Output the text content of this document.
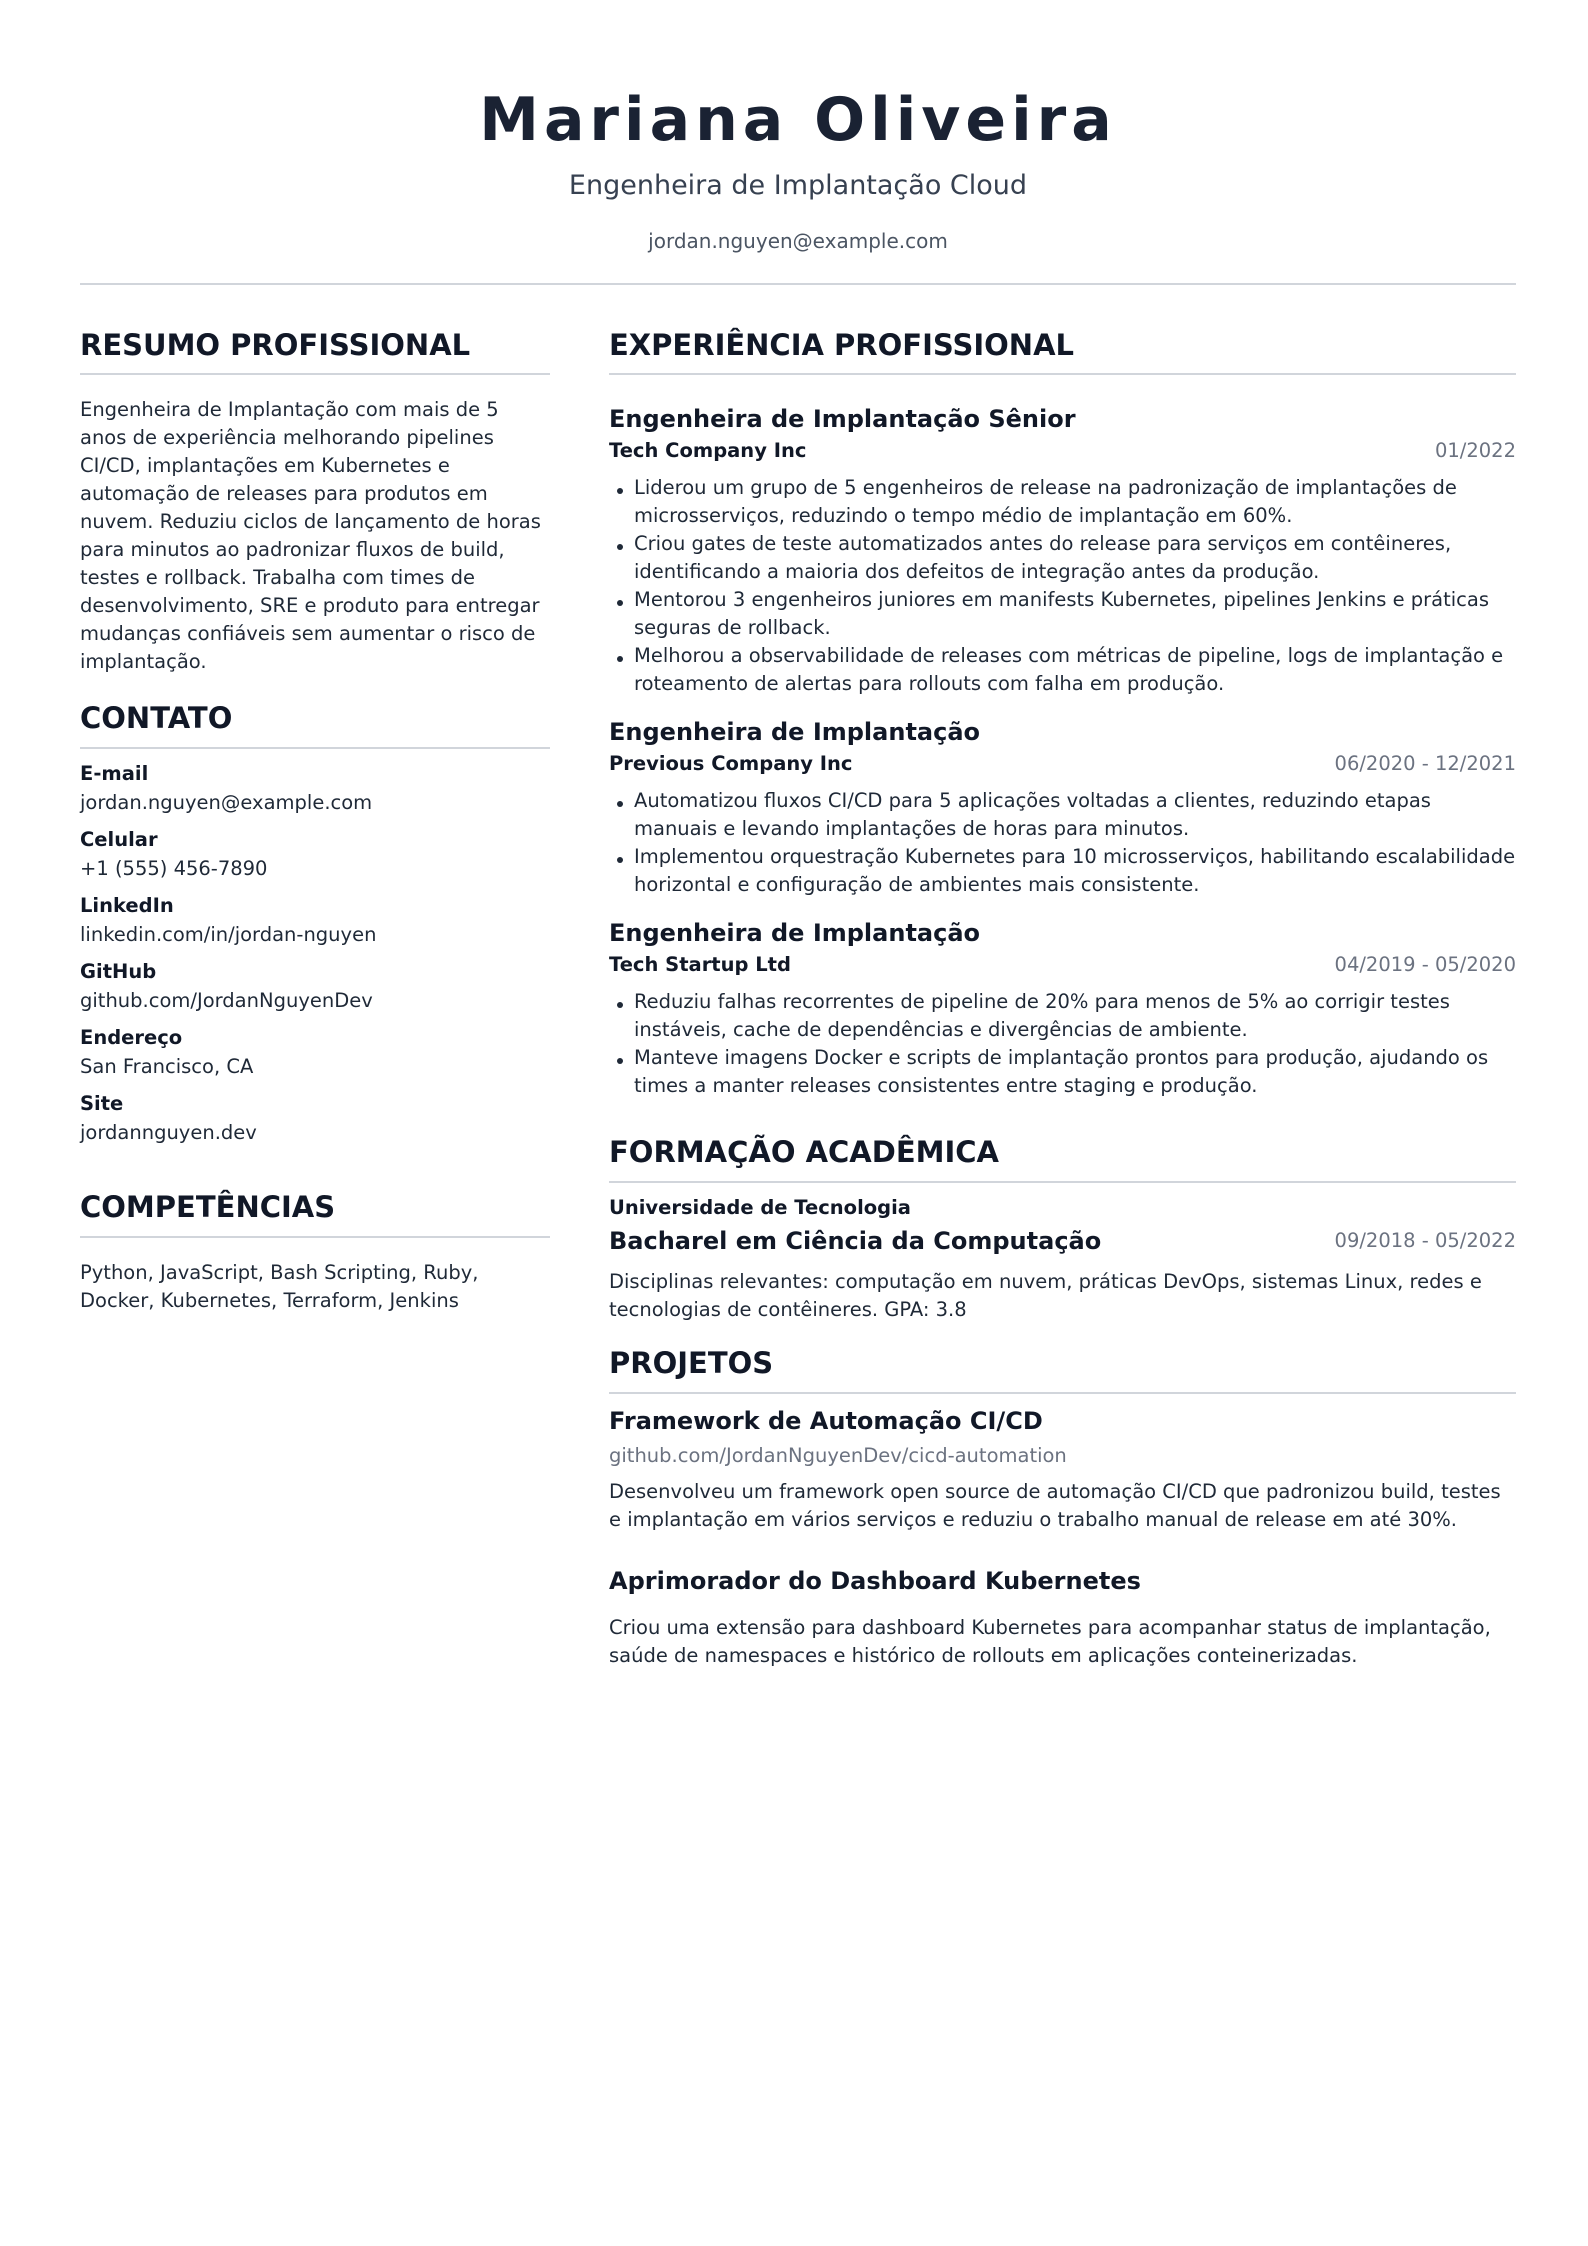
Mariana Oliveira
Engenheira de Implantação Cloud
jordan.nguyen@example.com
RESUMO PROFISSIONAL
Engenheira de Implantação com mais de 5 anos de experiência melhorando pipelines CI/CD, implantações em Kubernetes e automação de releases para produtos em nuvem. Reduziu ciclos de lançamento de horas para minutos ao padronizar fluxos de build, testes e rollback. Trabalha com times de desenvolvimento, SRE e produto para entregar mudanças confiáveis sem aumentar o risco de implantação.
CONTATO
E-mail
jordan.nguyen@example.com
Celular
+1 (555) 456-7890
LinkedIn
linkedin.com/in/jordan-nguyen
GitHub
github.com/JordanNguyenDev
Endereço
San Francisco, CA
Site
jordannguyen.dev
COMPETÊNCIAS
Python, JavaScript, Bash Scripting, Ruby, Docker, Kubernetes, Terraform, Jenkins
EXPERIÊNCIA PROFISSIONAL
Engenheira de Implantação Sênior
Tech Company Inc	01/2022
Liderou um grupo de 5 engenheiros de release na padronização de implantações de microsserviços, reduzindo o tempo médio de implantação em 60%.
Criou gates de teste automatizados antes do release para serviços em contêineres, identificando a maioria dos defeitos de integração antes da produção.
Mentorou 3 engenheiros juniores em manifests Kubernetes, pipelines Jenkins e práticas seguras de rollback.
Melhorou a observabilidade de releases com métricas de pipeline, logs de implantação e roteamento de alertas para rollouts com falha em produção.
Engenheira de Implantação
Previous Company Inc	06/2020 - 12/2021
Automatizou fluxos CI/CD para 5 aplicações voltadas a clientes, reduzindo etapas manuais e levando implantações de horas para minutos.
Implementou orquestração Kubernetes para 10 microsserviços, habilitando escalabilidade horizontal e configuração de ambientes mais consistente.
Engenheira de Implantação
Tech Startup Ltd	04/2019 - 05/2020
Reduziu falhas recorrentes de pipeline de 20% para menos de 5% ao corrigir testes instáveis, cache de dependências e divergências de ambiente.
Manteve imagens Docker e scripts de implantação prontos para produção, ajudando os times a manter releases consistentes entre staging e produção.
FORMAÇÃO ACADÊMICA
Universidade de Tecnologia
Bacharel em Ciência da Computação	09/2018 - 05/2022
Disciplinas relevantes: computação em nuvem, práticas DevOps, sistemas Linux, redes e tecnologias de contêineres. GPA: 3.8
PROJETOS
Framework de Automação CI/CD
github.com/JordanNguyenDev/cicd-automation
Desenvolveu um framework open source de automação CI/CD que padronizou build, testes e implantação em vários serviços e reduziu o trabalho manual de release em até 30%.
Aprimorador do Dashboard Kubernetes
Criou uma extensão para dashboard Kubernetes para acompanhar status de implantação, saúde de namespaces e histórico de rollouts em aplicações conteinerizadas.
